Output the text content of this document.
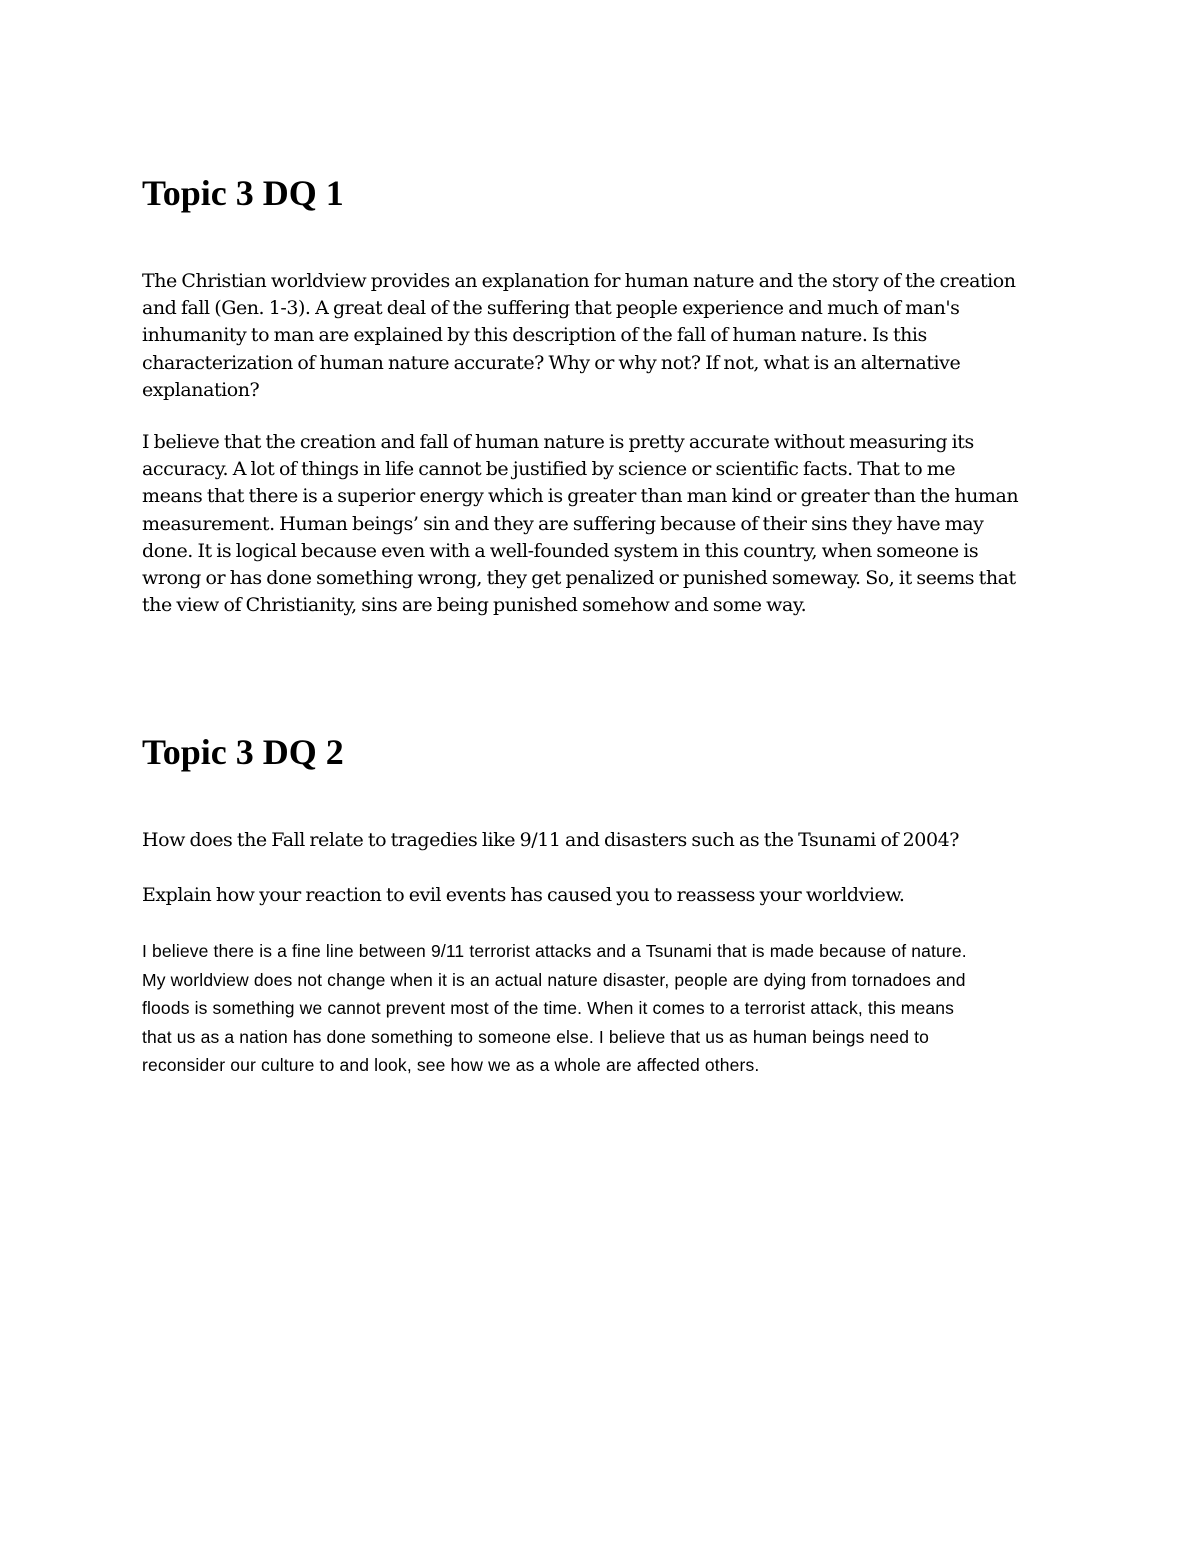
Topic 3 DQ 1

The Christian worldview provides an explanation for human nature and the story of the creation
and fall (Gen. 1-3). A great deal of the suffering that people experience and much of man's
inhumanity to man are explained by this description of the fall of human nature. Is this
characterization of human nature accurate? Why or why not? If not, what is an alternative
explanation?

I believe that the creation and fall of human nature is pretty accurate without measuring its
accuracy. A lot of things in life cannot be justified by science or scientific facts. That to me
means that there is a superior energy which is greater than man kind or greater than the human
measurement. Human beings’ sin and they are suffering because of their sins they have may
done. It is logical because even with a well-founded system in this country, when someone is
wrong or has done something wrong, they get penalized or punished someway. So, it seems that
the view of Christianity, sins are being punished somehow and some way.

Topic 3 DQ 2

How does the Fall relate to tragedies like 9/11 and disasters such as the Tsunami of 2004?

Explain how your reaction to evil events has caused you to reassess your worldview.

I believe there is a fine line between 9/11 terrorist attacks and a Tsunami that is made because of nature.
My worldview does not change when it is an actual nature disaster, people are dying from tornadoes and
floods is something we cannot prevent most of the time. When it comes to a terrorist attack, this means
that us as a nation has done something to someone else. I believe that us as human beings need to
reconsider our culture to and look, see how we as a whole are affected others.
